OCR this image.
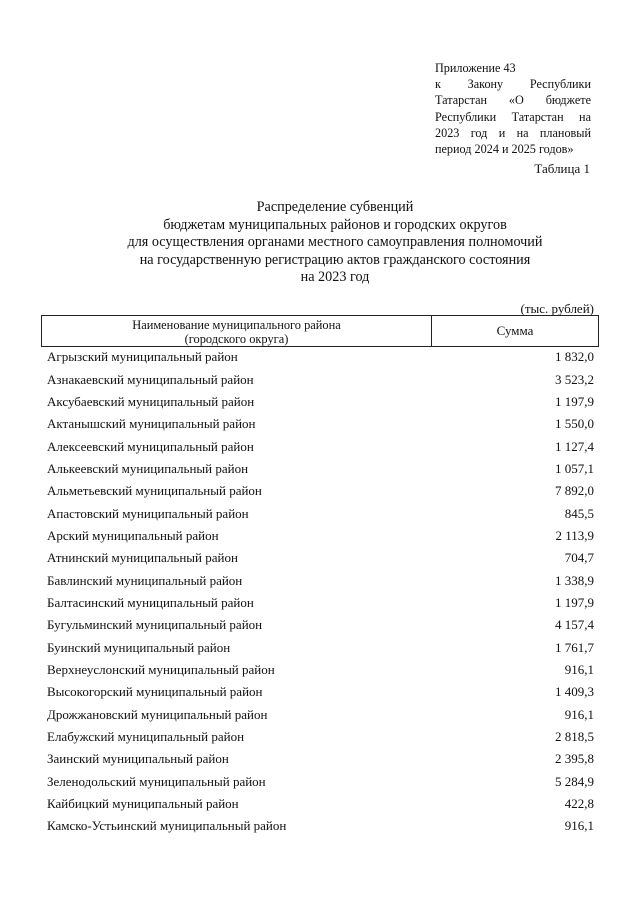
Приложение 43
к Закону Республики
Татарстан «О бюджете
Республики Татарстан на
2023 год и на плановый
период 2024 и 2025 годов»
Таблица 1
Распределение субвенций
бюджетам муниципальных районов и городских округов
для осуществления органами местного самоуправления полномочий
на государственную регистрацию актов гражданского состояния
на 2023 год
(тыс. рублей)
Наименование муниципального района
(городского округа)
Сумма
Агрызский муниципальный район	1 832,0
Азнакаевский муниципальный район	3 523,2
Аксубаевский муниципальный район	1 197,9
Актанышский муниципальный район	1 550,0
Алексеевский муниципальный район	1 127,4
Алькеевский муниципальный район	1 057,1
Альметьевский муниципальный район	7 892,0
Апастовский муниципальный район	845,5
Арский муниципальный район	2 113,9
Атнинский муниципальный район	704,7
Бавлинский муниципальный район	1 338,9
Балтасинский муниципальный район	1 197,9
Бугульминский муниципальный район	4 157,4
Буинский муниципальный район	1 761,7
Верхнеуслонский муниципальный район	916,1
Высокогорский муниципальный район	1 409,3
Дрожжановский муниципальный район	916,1
Елабужский муниципальный район	2 818,5
Заинский муниципальный район	2 395,8
Зеленодольский муниципальный район	5 284,9
Кайбицкий муниципальный район	422,8
Камско-Устьинский муниципальный район	916,1
